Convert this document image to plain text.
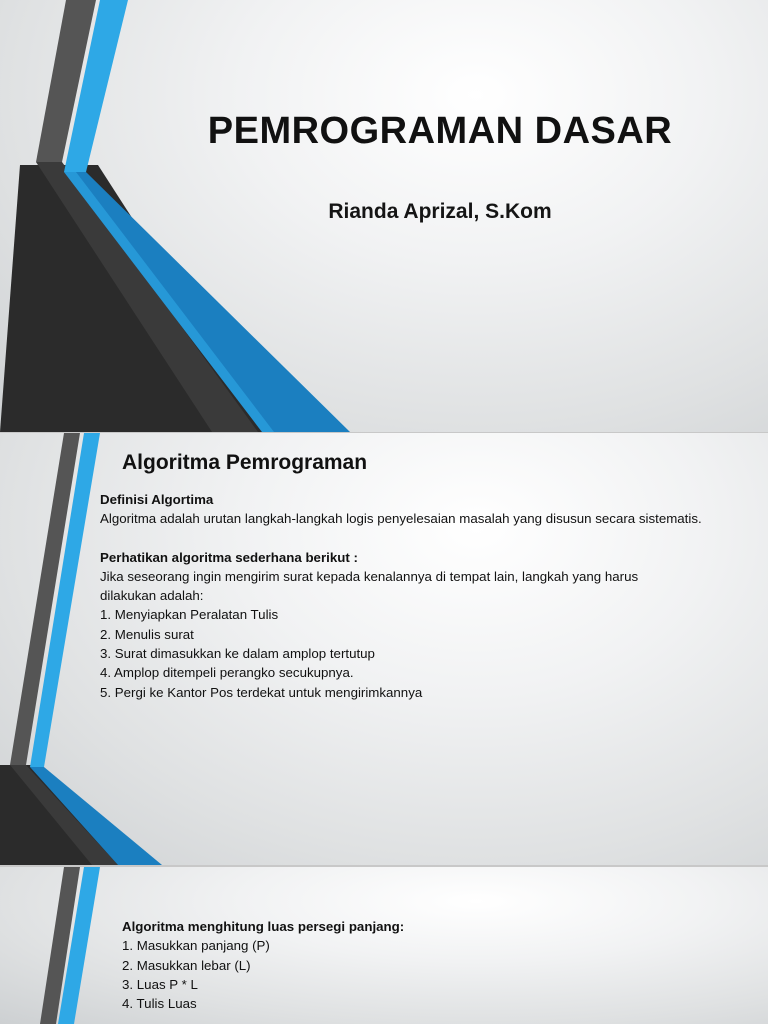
PEMROGRAMAN DASAR
Rianda Aprizal, S.Kom
Algoritma Pemrograman
Definisi Algortima
Algoritma adalah urutan langkah-langkah logis penyelesaian masalah yang disusun secara sistematis.
Perhatikan algoritma sederhana berikut :
Jika seseorang ingin mengirim surat kepada kenalannya di tempat lain, langkah yang harus
dilakukan adalah:
1. Menyiapkan Peralatan Tulis
2. Menulis surat
3. Surat dimasukkan ke dalam amplop tertutup
4. Amplop ditempeli perangko secukupnya.
5. Pergi ke Kantor Pos terdekat untuk mengirimkannya
Algoritma menghitung luas persegi panjang:
1. Masukkan panjang (P)
2. Masukkan lebar (L)
3. Luas P * L
4. Tulis Luas
